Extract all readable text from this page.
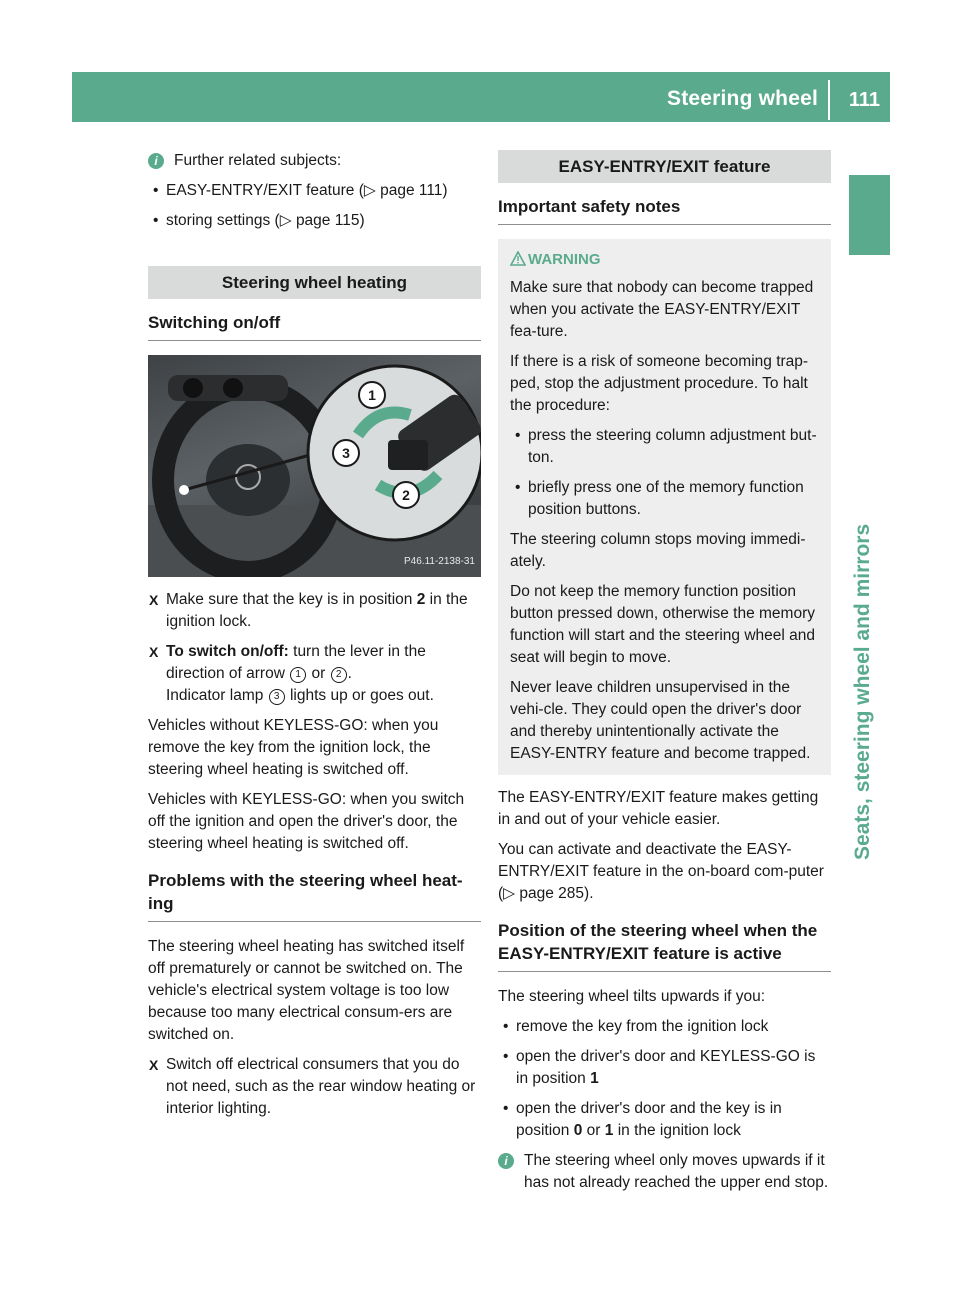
Steering wheel 111
Seats, steering wheel and mirrors
i	Further related subjects:

• EASY-ENTRY/EXIT feature (▷ page 111)
• storing settings (▷ page 115)
Steering wheel heating
Switching on/off
1
3
2
P46.11-2138-31
X Make sure that the key is in position 2 in the ignition lock.
X To switch on/off: turn the lever in the direction of arrow 1 or 2 .
Indicator lamp 3 lights up or goes out.

Vehicles without KEYLESS-GO: when you remove the key from the ignition lock, the steering wheel heating is switched off.

Vehicles with KEYLESS-GO: when you switch off the ignition and open the driver's door, the steering wheel heating is switched off.

Problems with the steering wheel heat-ing

The steering wheel heating has switched itself off prematurely or cannot be switched on. The vehicle's electrical system voltage is too low because too many electrical consum-ers are switched on.

X Switch off electrical consumers that you do not need, such as the rear window heating or interior lighting.
EASY-ENTRY/EXIT feature
Important safety notes
WARNING

Make sure that nobody can become trapped when you activate the EASY-ENTRY/EXIT fea-ture.

If there is a risk of someone becoming trap-ped, stop the adjustment procedure. To halt the procedure:

• press the steering column adjustment but-ton.
• briefly press one of the memory function position buttons.

The steering column stops moving immedi-ately.

Do not keep the memory function position button pressed down, otherwise the memory function will start and the steering wheel and seat will begin to move.

Never leave children unsupervised in the vehi-cle. They could open the driver's door and thereby unintentionally activate the EASY-ENTRY feature and become trapped.

The EASY-ENTRY/EXIT feature makes getting in and out of your vehicle easier.

You can activate and deactivate the EASY-ENTRY/EXIT feature in the on-board com-puter (▷ page 285).

Position of the steering wheel when the EASY-ENTRY/EXIT feature is active

The steering wheel tilts upwards if you:

• remove the key from the ignition lock
• open the driver's door and KEYLESS-GO is in position 1
• open the driver's door and the key is in position 0 or 1 in the ignition lock
i	The steering wheel only moves upwards if it has not already reached the upper end stop.
